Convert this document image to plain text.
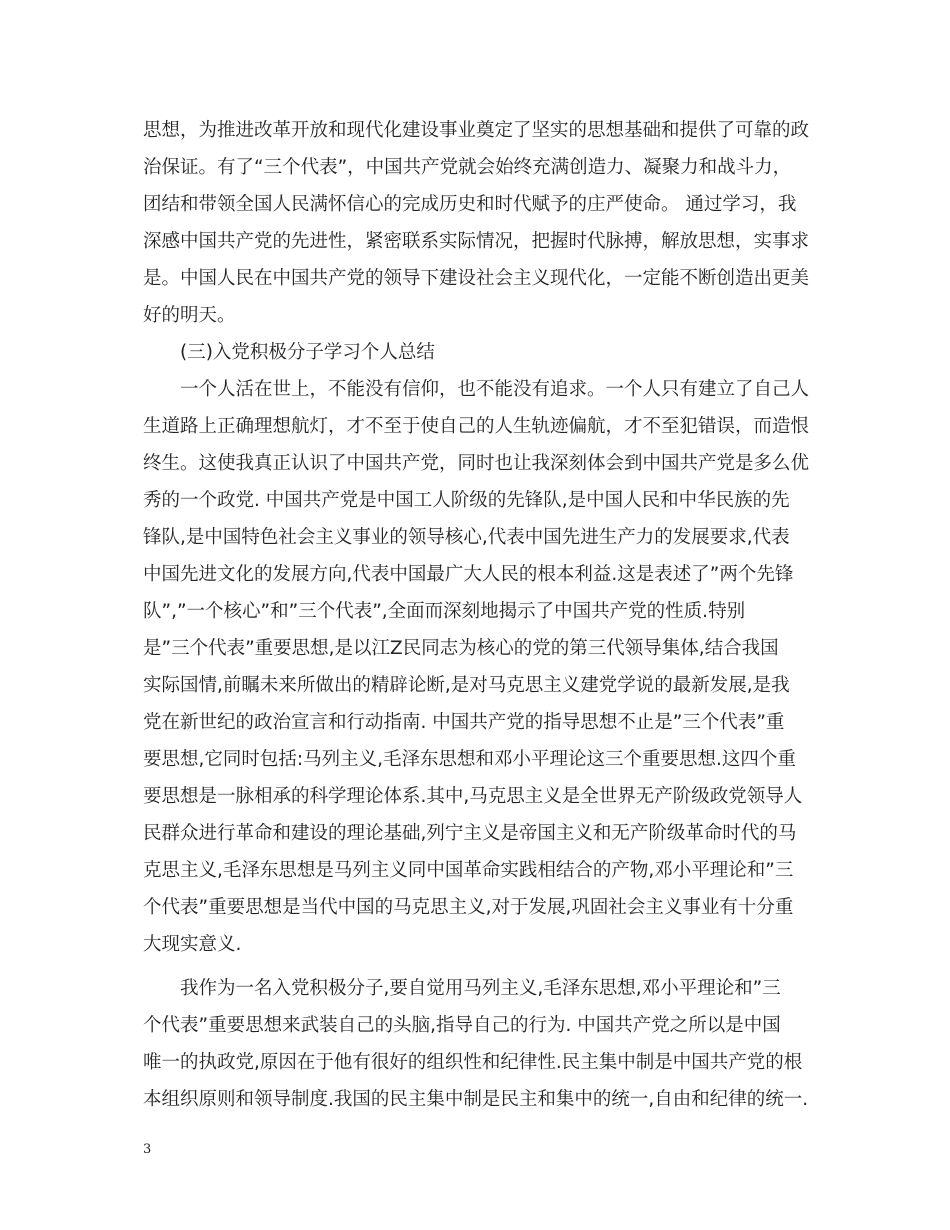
思想，为推进改革开放和现代化建设事业奠定了坚实的思想基础和提供了可靠的政
治保证。有了“三个代表”，中国共产党就会始终充满创造力、凝聚力和战斗力，
团结和带领全国人民满怀信心的完成历史和时代赋予的庄严使命。 通过学习，我
深感中国共产党的先进性，紧密联系实际情况，把握时代脉搏，解放思想，实事求
是。中国人民在中国共产党的领导下建设社会主义现代化，一定能不断创造出更美
好的明天。
(三)入党积极分子学习个人总结
一个人活在世上，不能没有信仰，也不能没有追求。一个人只有建立了自己人
生道路上正确理想航灯，才不至于使自己的人生轨迹偏航，才不至犯错误，而造恨
终生。这使我真正认识了中国共产党，同时也让我深刻体会到中国共产党是多么优
秀的一个政党. 中国共产党是中国工人阶级的先锋队,是中国人民和中华民族的先
锋队,是中国特色社会主义事业的领导核心,代表中国先进生产力的发展要求,代表
中国先进文化的发展方向,代表中国最广大人民的根本利益.这是表述了”两个先锋
队”,”一个核心”和”三个代表”,全面而深刻地揭示了中国共产党的性质.特别
是”三个代表”重要思想,是以江Z民同志为核心的党的第三代领导集体,结合我国
实际国情,前瞩未来所做出的精辟论断,是对马克思主义建党学说的最新发展,是我
党在新世纪的政治宣言和行动指南. 中国共产党的指导思想不止是”三个代表”重
要思想,它同时包括:马列主义,毛泽东思想和邓小平理论这三个重要思想.这四个重
要思想是一脉相承的科学理论体系.其中,马克思主义是全世界无产阶级政党领导人
民群众进行革命和建设的理论基础,列宁主义是帝国主义和无产阶级革命时代的马
克思主义,毛泽东思想是马列主义同中国革命实践相结合的产物,邓小平理论和”三
个代表”重要思想是当代中国的马克思主义,对于发展,巩固社会主义事业有十分重
大现实意义.
我作为一名入党积极分子,要自觉用马列主义,毛泽东思想,邓小平理论和”三
个代表”重要思想来武装自己的头脑,指导自己的行为. 中国共产党之所以是中国
唯一的执政党,原因在于他有很好的组织性和纪律性.民主集中制是中国共产党的根
本组织原则和领导制度.我国的民主集中制是民主和集中的统一,自由和纪律的统一.
3
